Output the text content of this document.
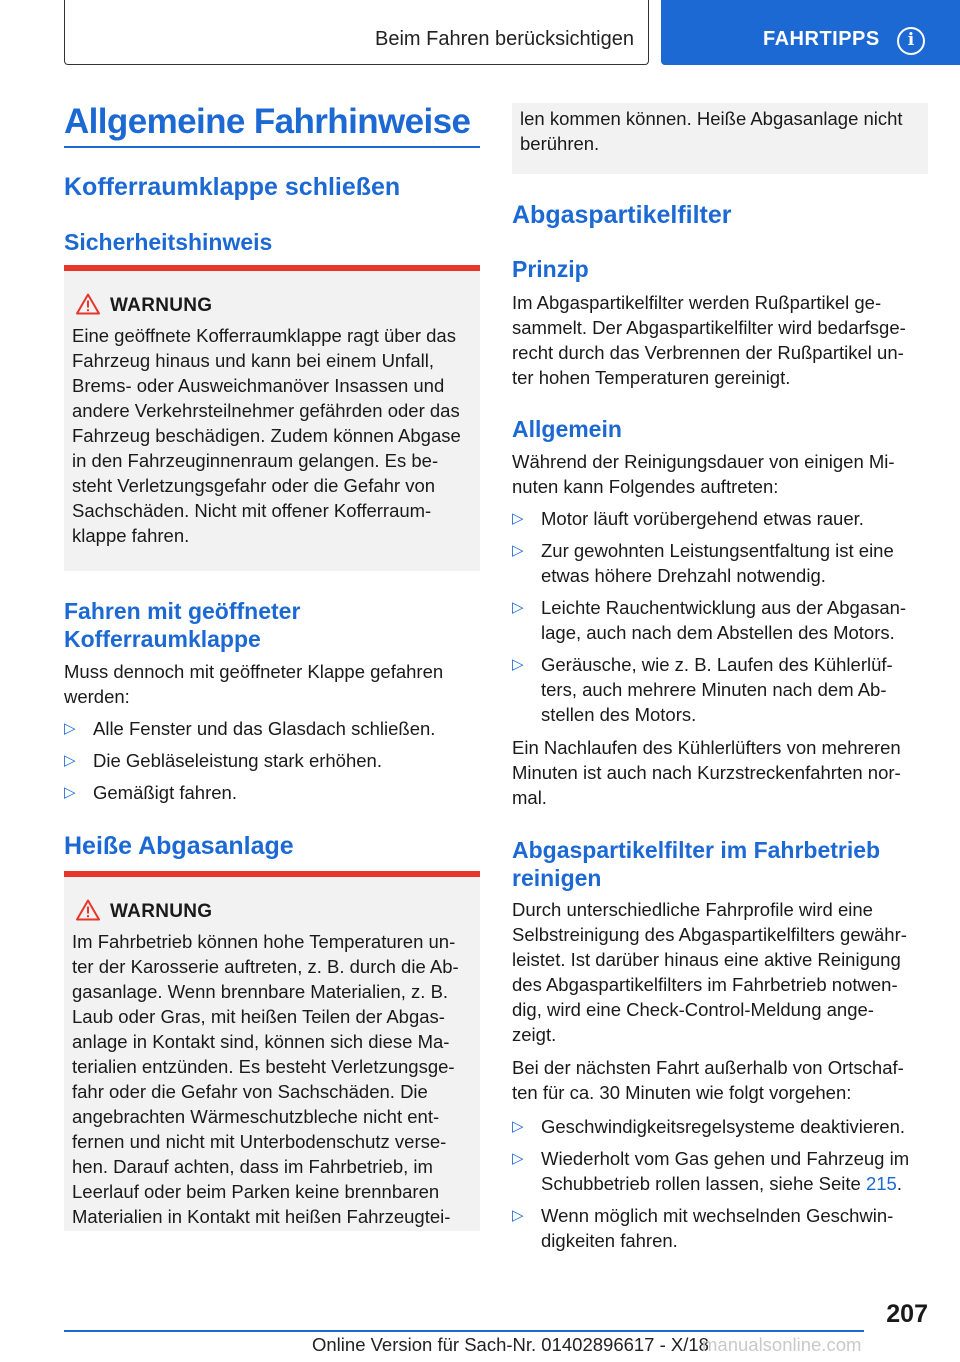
Beim Fahren berücksichtigen	FAHRTIPPS	i
Allgemeine Fahrhinweise
Kofferraumklappe schließen
Sicherheitshinweis
WARNUNG
Eine geöffnete Kofferraumklappe ragt über das
Fahrzeug hinaus und kann bei einem Unfall,
Brems- oder Ausweichmanöver Insassen und
andere Verkehrsteilnehmer gefährden oder das
Fahrzeug beschädigen. Zudem können Abgase
in den Fahrzeuginnenraum gelangen. Es be-
steht Verletzungsgefahr oder die Gefahr von
Sachschäden. Nicht mit offener Kofferraum-
klappe fahren.
Fahren mit geöffneter Kofferraumklappe
Muss dennoch mit geöffneter Klappe gefahren
werden:
▷ Alle Fenster und das Glasdach schließen.
▷ Die Gebläseleistung stark erhöhen.
▷ Gemäßigt fahren.
Heiße Abgasanlage
WARNUNG
Im Fahrbetrieb können hohe Temperaturen un-
ter der Karosserie auftreten, z. B. durch die Ab-
gasanlage. Wenn brennbare Materialien, z. B.
Laub oder Gras, mit heißen Teilen der Abgas-
anlage in Kontakt sind, können sich diese Ma-
terialien entzünden. Es besteht Verletzungsge-
fahr oder die Gefahr von Sachschäden. Die
angebrachten Wärmeschutzbleche nicht ent-
fernen und nicht mit Unterbodenschutz verse-
hen. Darauf achten, dass im Fahrbetrieb, im
Leerlauf oder beim Parken keine brennbaren
Materialien in Kontakt mit heißen Fahrzeugtei-
len kommen können. Heiße Abgasanlage nicht
berühren.
Abgaspartikelfilter
Prinzip
Im Abgaspartikelfilter werden Rußpartikel ge-
sammelt. Der Abgaspartikelfilter wird bedarfsge-
recht durch das Verbrennen der Rußpartikel un-
ter hohen Temperaturen gereinigt.
Allgemein
Während der Reinigungsdauer von einigen Mi-
nuten kann Folgendes auftreten:
▷ Motor läuft vorübergehend etwas rauer.
▷ Zur gewohnten Leistungsentfaltung ist eine
etwas höhere Drehzahl notwendig.
▷ Leichte Rauchentwicklung aus der Abgasan-
lage, auch nach dem Abstellen des Motors.
▷ Geräusche, wie z. B. Laufen des Kühlerlüf-
ters, auch mehrere Minuten nach dem Ab-
stellen des Motors.
Ein Nachlaufen des Kühlerlüfters von mehreren
Minuten ist auch nach Kurzstreckenfahrten nor-
mal.
Abgaspartikelfilter im Fahrbetrieb reinigen
Durch unterschiedliche Fahrprofile wird eine
Selbstreinigung des Abgaspartikelfilters gewähr-
leistet. Ist darüber hinaus eine aktive Reinigung
des Abgaspartikelfilters im Fahrbetrieb notwen-
dig, wird eine Check-Control-Meldung ange-
zeigt.
Bei der nächsten Fahrt außerhalb von Ortschaf-
ten für ca. 30 Minuten wie folgt vorgehen:
▷ Geschwindigkeitsregelsysteme deaktivieren.
▷ Wiederholt vom Gas gehen und Fahrzeug im
Schubbetrieb rollen lassen, siehe Seite 215.
▷ Wenn möglich mit wechselnden Geschwin-
digkeiten fahren.
207
Online Version für Sach-Nr. 01402896617 - X/18
manualsonline.com
